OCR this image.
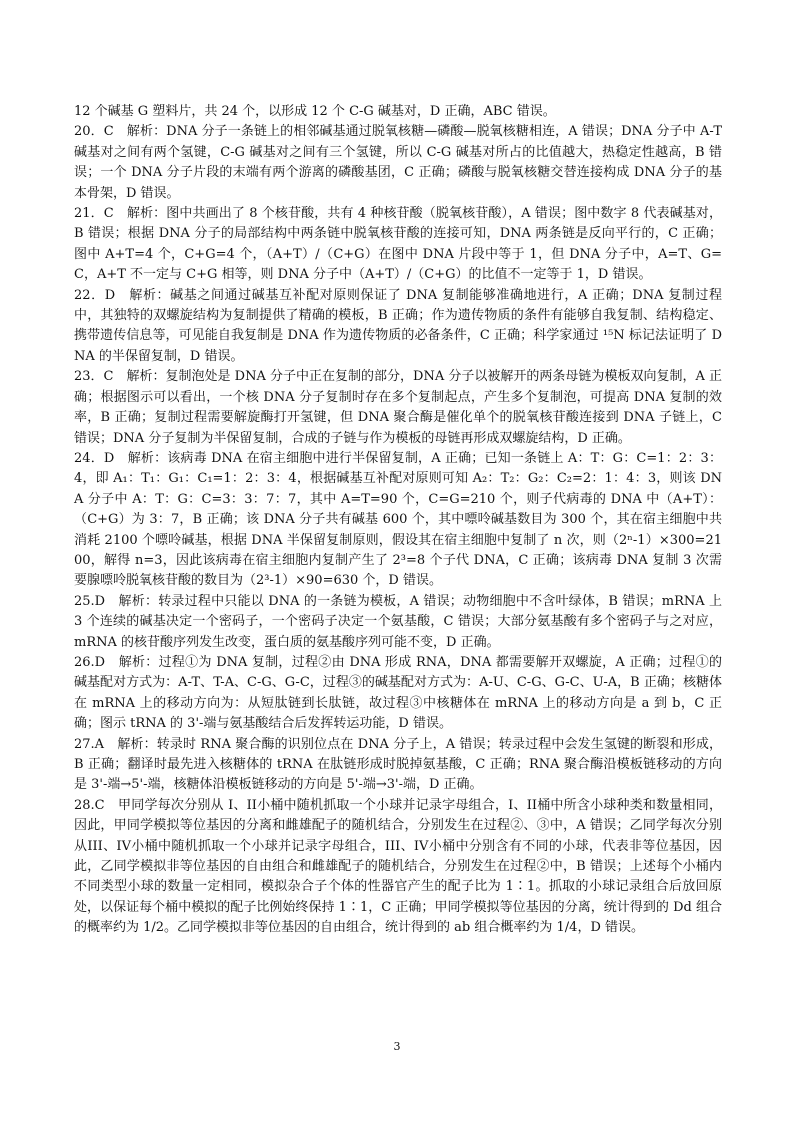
12 个碱基 G 塑料片，共 24 个，以形成 12 个 C-G 碱基对，D 正确，ABC 错误。

20．C　解析：DNA 分子一条链上的相邻碱基通过脱氧核糖—磷酸—脱氧核糖相连，A 错误；DNA 分子中 A-T 碱基对之间有两个氢键，C-G 碱基对之间有三个氢键，所以 C-G 碱基对所占的比值越大，热稳定性越高，B 错误；一个 DNA 分子片段的末端有两个游离的磷酸基团，C 正确；磷酸与脱氧核糖交替连接构成 DNA 分子的基本骨架，D 错误。

21．C　解析：图中共画出了 8 个核苷酸，共有 4 种核苷酸（脱氧核苷酸），A 错误；图中数字 8 代表碱基对，B 错误；根据 DNA 分子的局部结构中两条链中脱氧核苷酸的连接可知，DNA 两条链是反向平行的，C 正确；图中 A+T=4 个，C+G=4 个，（A+T）/（C+G）在图中 DNA 片段中等于 1，但 DNA 分子中，A=T、G=C，A+T 不一定与 C+G 相等，则 DNA 分子中（A+T）/（C+G）的比值不一定等于 1，D 错误。

22．D　解析：碱基之间通过碱基互补配对原则保证了 DNA 复制能够准确地进行，A 正确；DNA 复制过程中，其独特的双螺旋结构为复制提供了精确的模板，B 正确；作为遗传物质的条件有能够自我复制、结构稳定、携带遗传信息等，可见能自我复制是 DNA 作为遗传物质的必备条件，C 正确；科学家通过 ¹⁵N 标记法证明了 DNA 的半保留复制，D 错误。

23．C　解析：复制泡处是 DNA 分子中正在复制的部分，DNA 分子以被解开的两条母链为模板双向复制，A 正确；根据图示可以看出，一个核 DNA 分子复制时存在多个复制起点，产生多个复制泡，可提高 DNA 复制的效率，B 正确；复制过程需要解旋酶打开氢键，但 DNA 聚合酶是催化单个的脱氧核苷酸连接到 DNA 子链上，C 错误；DNA 分子复制为半保留复制，合成的子链与作为模板的母链再形成双螺旋结构，D 正确。

24．D　解析：该病毒 DNA 在宿主细胞中进行半保留复制，A 正确；已知一条链上 A：T：G：C=1：2：3：4，即 A₁：T₁：G₁：C₁=1：2：3：4，根据碱基互补配对原则可知 A₂：T₂：G₂：C₂=2：1：4：3，则该 DNA 分子中 A：T：G：C=3：3：7：7，其中 A=T=90 个，C=G=210 个，则子代病毒的 DNA 中（A+T）：（C+G）为 3：7，B 正确；该 DNA 分子共有碱基 600 个，其中嘌呤碱基数目为 300 个，其在宿主细胞中共消耗 2100 个嘌呤碱基，根据 DNA 半保留复制原则，假设其在宿主细胞中复制了 n 次，则（2ⁿ-1）×300=2100，解得 n=3，因此该病毒在宿主细胞内复制产生了 2³=8 个子代 DNA，C 正确；该病毒 DNA 复制 3 次需要腺嘌呤脱氧核苷酸的数目为（2³-1）×90=630 个，D 错误。

25.D　解析：转录过程中只能以 DNA 的一条链为模板，A 错误；动物细胞中不含叶绿体，B 错误；mRNA 上 3 个连续的碱基决定一个密码子，一个密码子决定一个氨基酸，C 错误；大部分氨基酸有多个密码子与之对应，mRNA 的核苷酸序列发生改变，蛋白质的氨基酸序列可能不变，D 正确。

26.D　解析：过程①为 DNA 复制，过程②由 DNA 形成 RNA，DNA 都需要解开双螺旋，A 正确；过程①的碱基配对方式为：A-T、T-A、C-G、G-C，过程③的碱基配对方式为：A-U、C-G、G-C、U-A，B 正确；核糖体在 mRNA 上的移动方向为：从短肽链到长肽链，故过程③中核糖体在 mRNA 上的移动方向是 a 到 b，C 正确；图示 tRNA 的 3'-端与氨基酸结合后发挥转运功能，D 错误。

27.A　解析：转录时 RNA 聚合酶的识别位点在 DNA 分子上，A 错误；转录过程中会发生氢键的断裂和形成，B 正确；翻译时最先进入核糖体的 tRNA 在肽链形成时脱掉氨基酸，C 正确；RNA 聚合酶沿模板链移动的方向是 3'-端→5'-端，核糖体沿模板链移动的方向是 5'-端→3'-端，D 正确。

28.C　甲同学每次分别从 I、II小桶中随机抓取一个小球并记录字母组合，I、II桶中所含小球种类和数量相同，因此，甲同学模拟等位基因的分离和雌雄配子的随机结合，分别发生在过程②、③中，A 错误；乙同学每次分别从III、IV小桶中随机抓取一个小球并记录字母组合，III、IV小桶中分别含有不同的小球，代表非等位基因，因此，乙同学模拟非等位基因的自由组合和雌雄配子的随机结合，分别发生在过程②中，B 错误；上述每个小桶内不同类型小球的数量一定相同，模拟杂合子个体的性器官产生的配子比为 1∶1。抓取的小球记录组合后放回原处，以保证每个桶中模拟的配子比例始终保持 1∶1，C 正确；甲同学模拟等位基因的分离，统计得到的 Dd 组合的概率约为 1/2。乙同学模拟非等位基因的自由组合，统计得到的 ab 组合概率约为 1/4，D 错误。

3
